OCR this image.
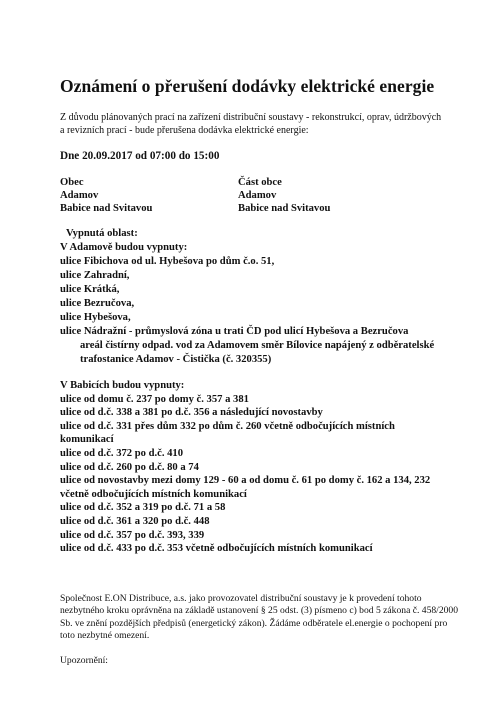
Oznámení o přerušení dodávky elektrické energie
Z důvodu plánovaných prací na zařízení distribuční soustavy - rekonstrukcí, oprav, údržbových
a revizních prací - bude přerušena dodávka elektrické energie:
Dne 20.09.2017 od 07:00 do 15:00
Obec
Adamov
Babice nad Svitavou
Část obce
Adamov
Babice nad Svitavou
Vypnutá oblast:
V Adamově budou vypnuty:
ulice Fibichova od ul. Hybešova po dům č.o. 51,
ulice Zahradní,
ulice Krátká,
ulice Bezručova,
ulice Hybešova,
ulice Nádražní - průmyslová zóna u trati ČD pod ulicí Hybešova a Bezručova
areál čistírny odpad. vod za Adamovem směr Bílovice napájený z odběratelské
trafostanice Adamov - Čistička (č. 320355)
V Babicích budou vypnuty:
ulice od domu č. 237 po domy č. 357 a 381
ulice od d.č. 338 a 381 po d.č. 356 a následující novostavby
ulice od d.č. 331 přes dům 332 po dům č. 260 včetně odbočujících místních
komunikací
ulice od d.č. 372 po d.č. 410
ulice od d.č. 260 po d.č. 80 a 74
ulice od novostavby mezi domy 129 - 60 a od domu č. 61 po domy č. 162 a 134, 232
včetně odbočujících místních komunikací
ulice od d.č. 352 a 319 po d.č. 71 a 58
ulice od d.č. 361 a 320 po d.č. 448
ulice od d.č. 357 po d.č. 393, 339
ulice od d.č. 433 po d.č. 353 včetně odbočujících místních komunikací
Společnost E.ON Distribuce, a.s. jako provozovatel distribuční soustavy je k provedení tohoto
nezbytného kroku oprávněna na základě ustanovení § 25 odst. (3) písmeno c) bod 5 zákona č. 458/2000
Sb. ve znění pozdějších předpisů (energetický zákon). Žádáme odběratele el.energie o pochopení pro
toto nezbytné omezení.
Upozornění:
